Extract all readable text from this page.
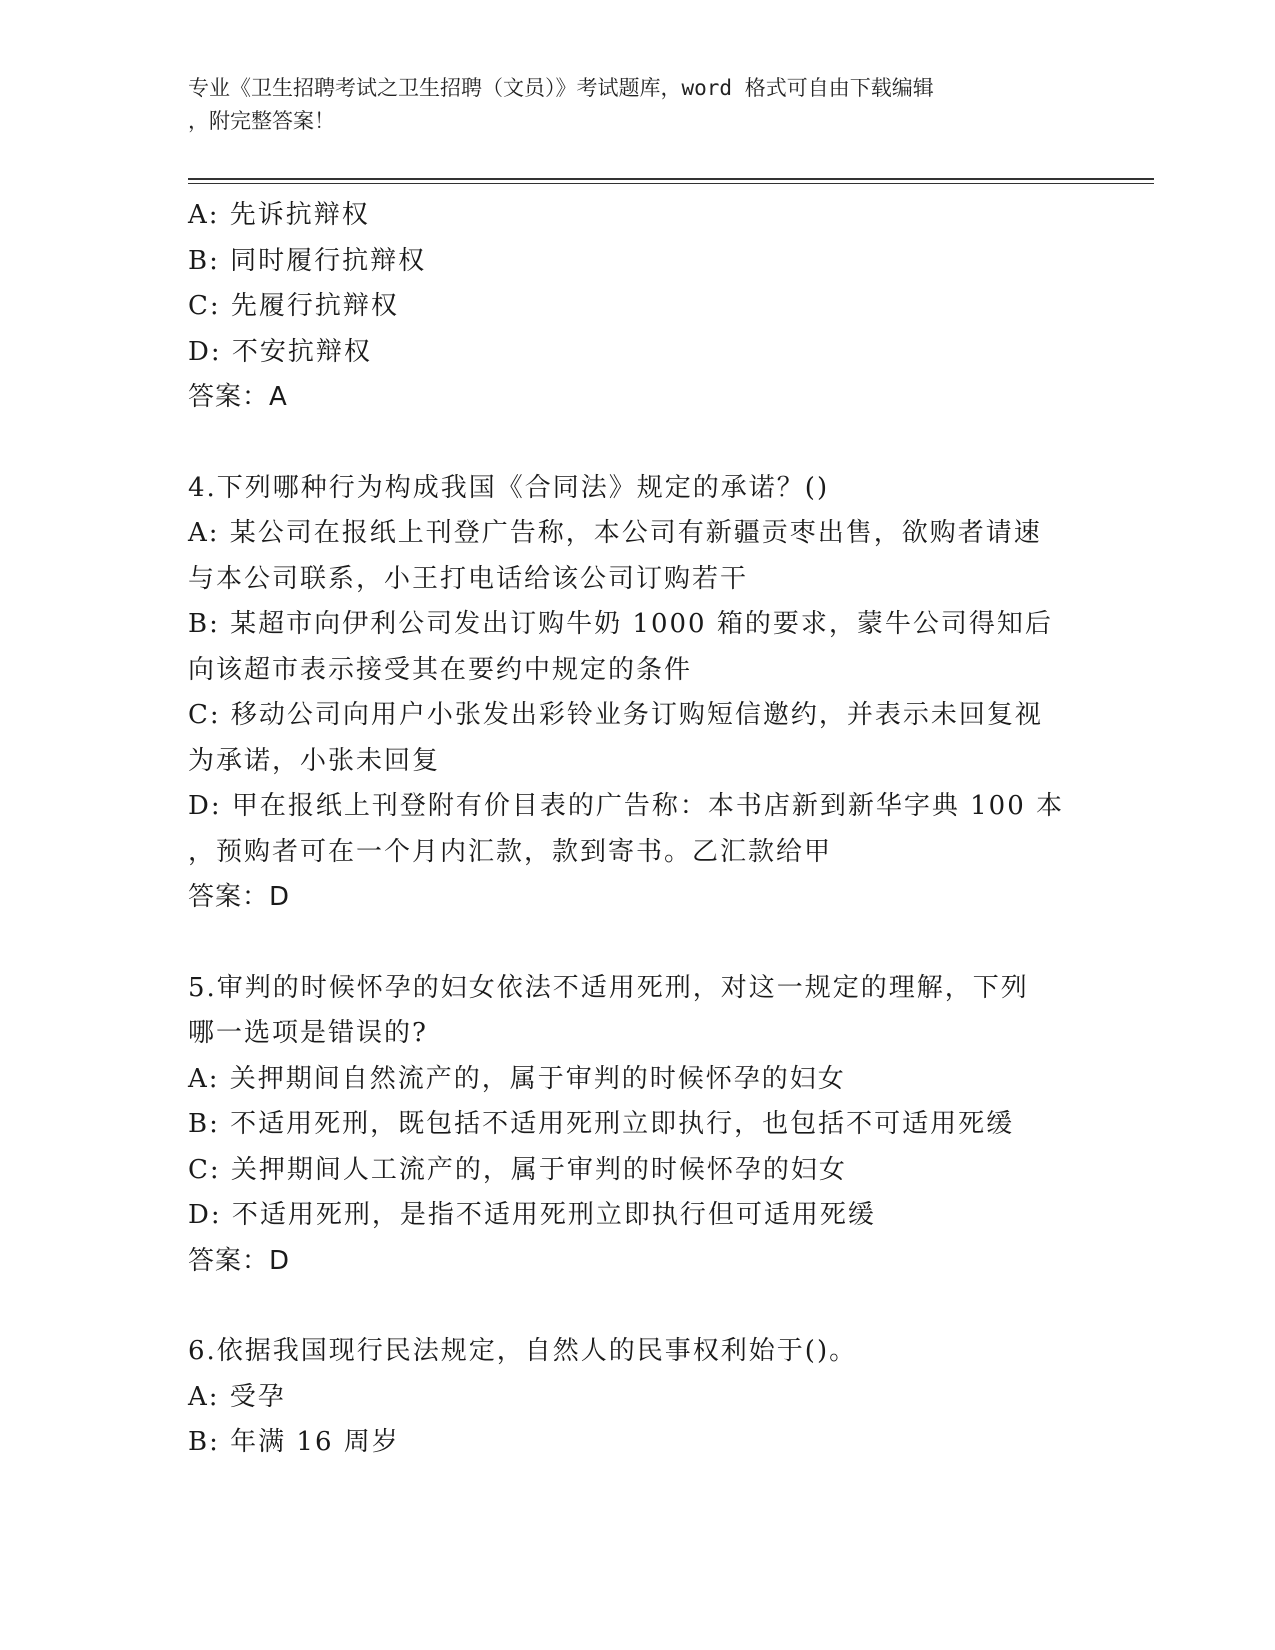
专业《卫生招聘考试之卫生招聘（文员）》考试题库，word 格式可自由下载编辑
，附完整答案！
A: 先诉抗辩权
B: 同时履行抗辩权
C: 先履行抗辩权
D: 不安抗辩权
答案：A
4.下列哪种行为构成我国《合同法》规定的承诺？()
A: 某公司在报纸上刊登广告称，本公司有新疆贡枣出售，欲购者请速
与本公司联系，小王打电话给该公司订购若干
B: 某超市向伊利公司发出订购牛奶 1000 箱的要求，蒙牛公司得知后
向该超市表示接受其在要约中规定的条件
C: 移动公司向用户小张发出彩铃业务订购短信邀约，并表示未回复视
为承诺，小张未回复
D: 甲在报纸上刊登附有价目表的广告称：本书店新到新华字典 100 本
，预购者可在一个月内汇款，款到寄书。乙汇款给甲
答案：D
5.审判的时候怀孕的妇女依法不适用死刑，对这一规定的理解，下列
哪一选项是错误的?
A: 关押期间自然流产的，属于审判的时候怀孕的妇女
B: 不适用死刑，既包括不适用死刑立即执行，也包括不可适用死缓
C: 关押期间人工流产的，属于审判的时候怀孕的妇女
D: 不适用死刑，是指不适用死刑立即执行但可适用死缓
答案：D
6.依据我国现行民法规定，自然人的民事权利始于()。
A: 受孕
B: 年满 16 周岁
